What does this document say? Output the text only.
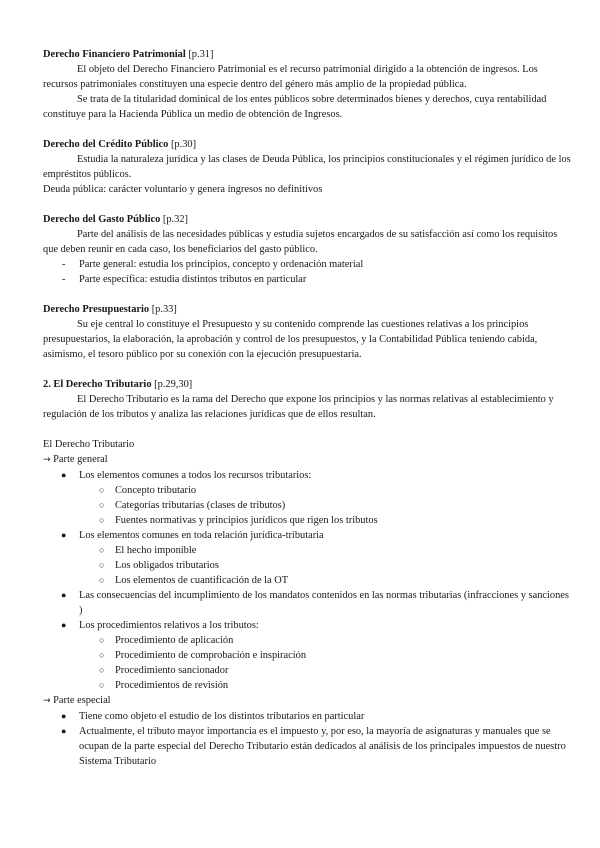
Derecho Financiero Patrimonial [p.31]

El objeto del Derecho Financiero Patrimonial es el recurso patrimonial dirigido a la obtención de ingresos. Los recursos patrimoniales constituyen una especie dentro del género más amplio de la propiedad pública.

Se trata de la titularidad dominical de los entes públicos sobre determinados bienes y derechos, cuya rentabilidad constituye para la Hacienda Pública un medio de obtención de Ingresos.

Derecho del Crédito Público [p.30]

Estudia la naturaleza jurídica y las clases de Deuda Pública, los principios constitucionales y el régimen jurídico de los empréstitos públicos.

Deuda pública: carácter voluntario y genera ingresos no definitivos

Derecho del Gasto Público [p.32]

Parte del análisis de las necesidades públicas y estudia sujetos encargados de su satisfacción así como los requisitos que deben reunir en cada caso, los beneficiarios del gasto público.

- Parte general: estudia los principios, concepto y ordenación material
- Parte específica: estudia distintos tributos en particular

Derecho Presupuestario [p.33]

Su eje central lo constituye el Presupuesto y su contenido comprende las cuestiones relativas a los principios presupuestarios, la elaboración, la aprobación y control de los presupuestos, y la Contabilidad Pública teniendo cabida, asimismo, el tesoro público por su conexión con la ejecución presupuestaria.

2. El Derecho Tributario [p.29,30]

El Derecho Tributario es la rama del Derecho que expone los principios y las normas relativas al establecimiento y regulación de los tributos y analiza las relaciones jurídicas que de ellos resultan.

El Derecho Tributario

→ Parte general

● Los elementos comunes a todos los recursos tributarios:
○ Concepto tributario
○ Categorías tributarias (clases de tributos)
○ Fuentes normativas y principios jurídicos que rigen los tributos
● Los elementos comunes en toda relación jurídica-tributaria
○ El hecho imponible
○ Los obligados tributarios
○ Los elementos de cuantificación de la OT
● Las consecuencias del incumplimiento de los mandatos contenidos en las normas tributarias (infracciones y sanciones )
● Los procedimientos relativos a los tributos:
○ Procedimiento de aplicación
○ Procedimiento de comprobación e inspiración
○ Procedimiento sancionador
○ Procedimientos de revisión

→ Parte especial

● Tiene como objeto el estudio de los distintos tributarios en particular
● Actualmente, el tributo mayor importancia es el impuesto y, por eso, la mayoría de asignaturas y manuales que se ocupan de la parte especial del Derecho Tributario están dedicados al análisis de los principales impuestos de nuestro Sistema Tributario
